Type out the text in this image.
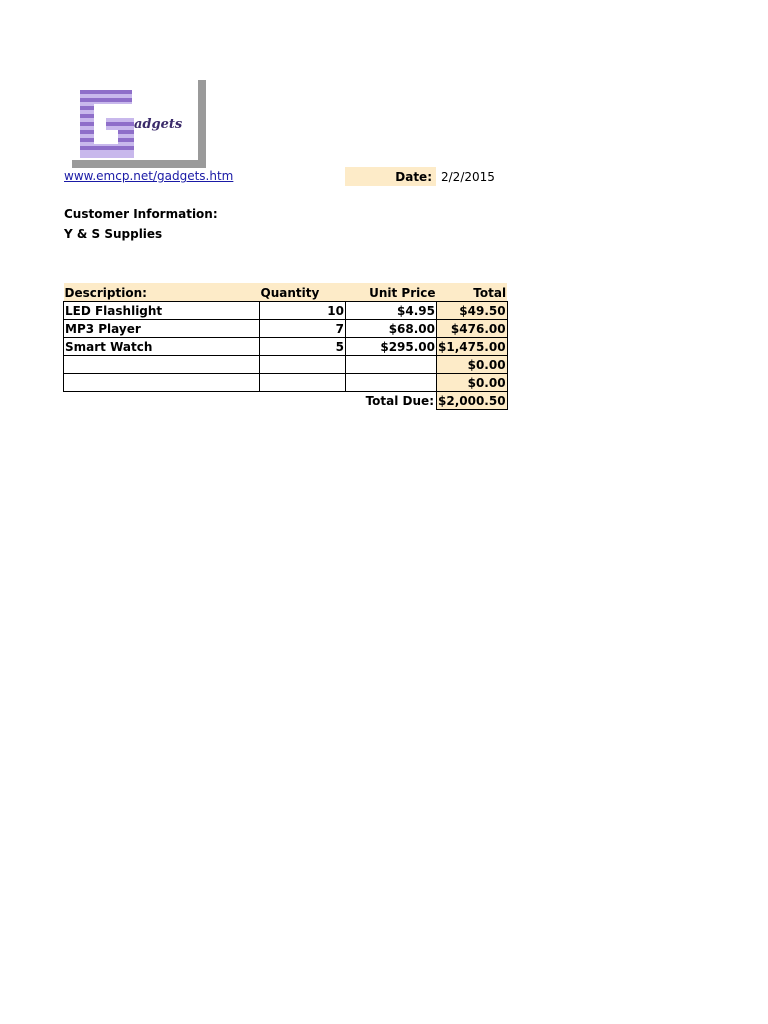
adgets
www.emcp.net/gadgets.htm	Date: 2/2/2015
Customer Information:
Y & S Supplies
Description:	Quantity	Unit Price	Total
LED Flashlight	10	$4.95	$49.50
MP3 Player	7	$68.00	$476.00
Smart Watch	5	$295.00	$1,475.00
			$0.00
			$0.00
		Total Due:	$2,000.50
